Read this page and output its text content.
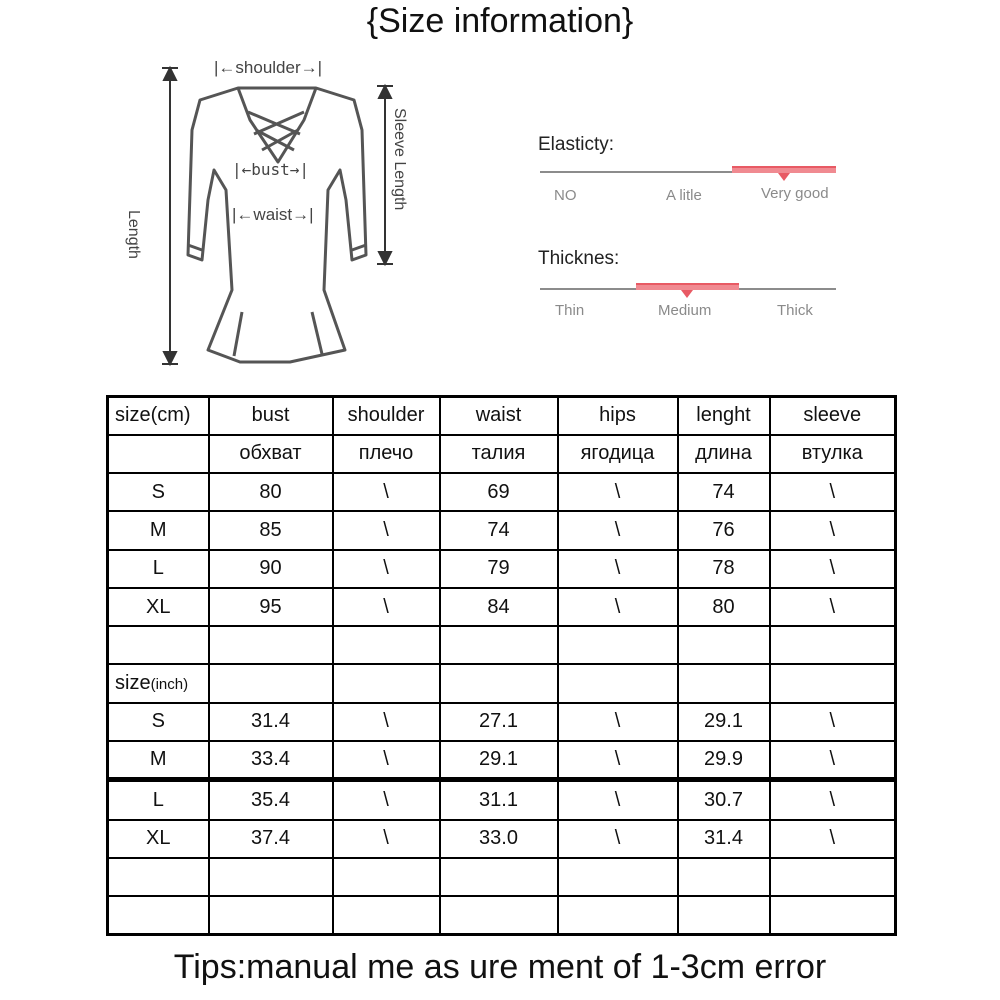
{Size information}
|←shoulder→|
|←bust→|
|←waist→|
Length
Sleeve Length	Elasticty:
NO	A litle	Very good
Thicknes:
Thin	Medium	Thick
size(cm)	bust	shoulder	waist	hips	lenght	sleeve
	обхват	плечо	талия	ягодица	длина	втулка
S	80	\	69	\	74	\
M	85	\	74	\	76	\
L	90	\	79	\	78	\
XL	95	\	84	\	80	\

size(inch)						
S	31.4	\	27.1	\	29.1	\
M	33.4	\	29.1	\	29.9	\
L	35.4	\	31.1	\	30.7	\
XL	37.4	\	33.0	\	31.4	\

Tips:manual me as ure ment of 1-3cm error
